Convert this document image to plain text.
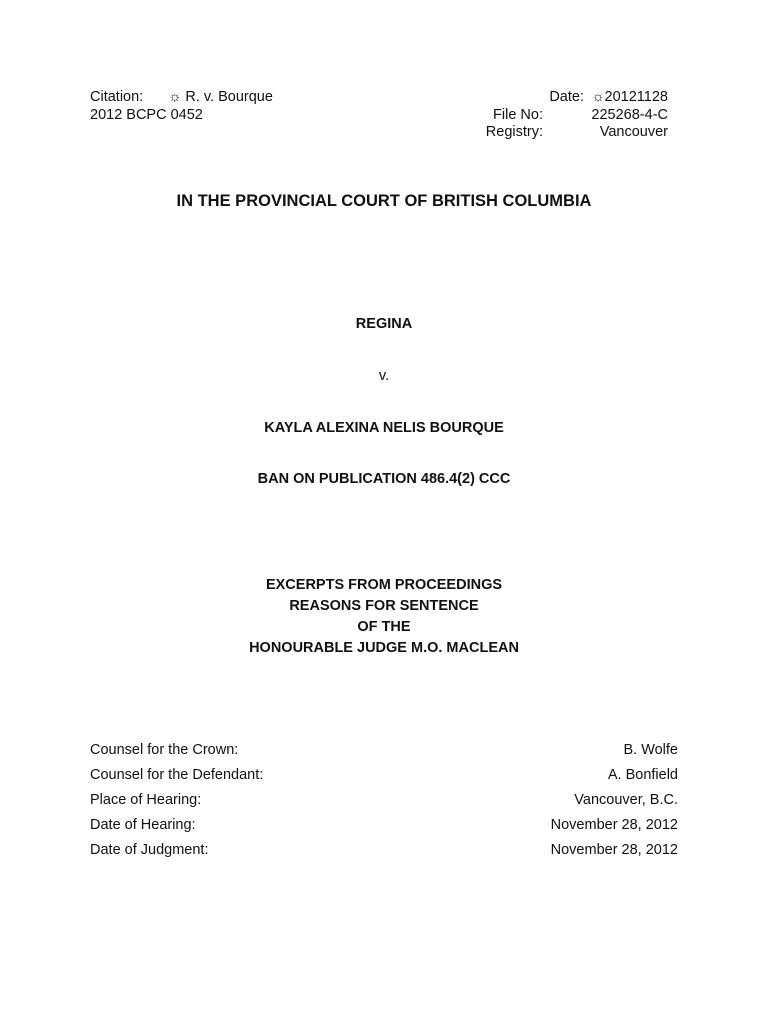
Citation: ☼ R. v. Bourque
2012 BCPC 0452
Date: ☼20121128
File No:	225268-4-C
Registry:	Vancouver
IN THE PROVINCIAL COURT OF BRITISH COLUMBIA
REGINA
v.
KAYLA ALEXINA NELIS BOURQUE
BAN ON PUBLICATION 486.4(2) CCC
EXCERPTS FROM PROCEEDINGS
REASONS FOR SENTENCE
OF THE
HONOURABLE JUDGE M.O. MACLEAN
Counsel for the Crown:	B. Wolfe
Counsel for the Defendant:	A. Bonfield
Place of Hearing:	Vancouver, B.C.
Date of Hearing:	November 28, 2012
Date of Judgment:	November 28, 2012
